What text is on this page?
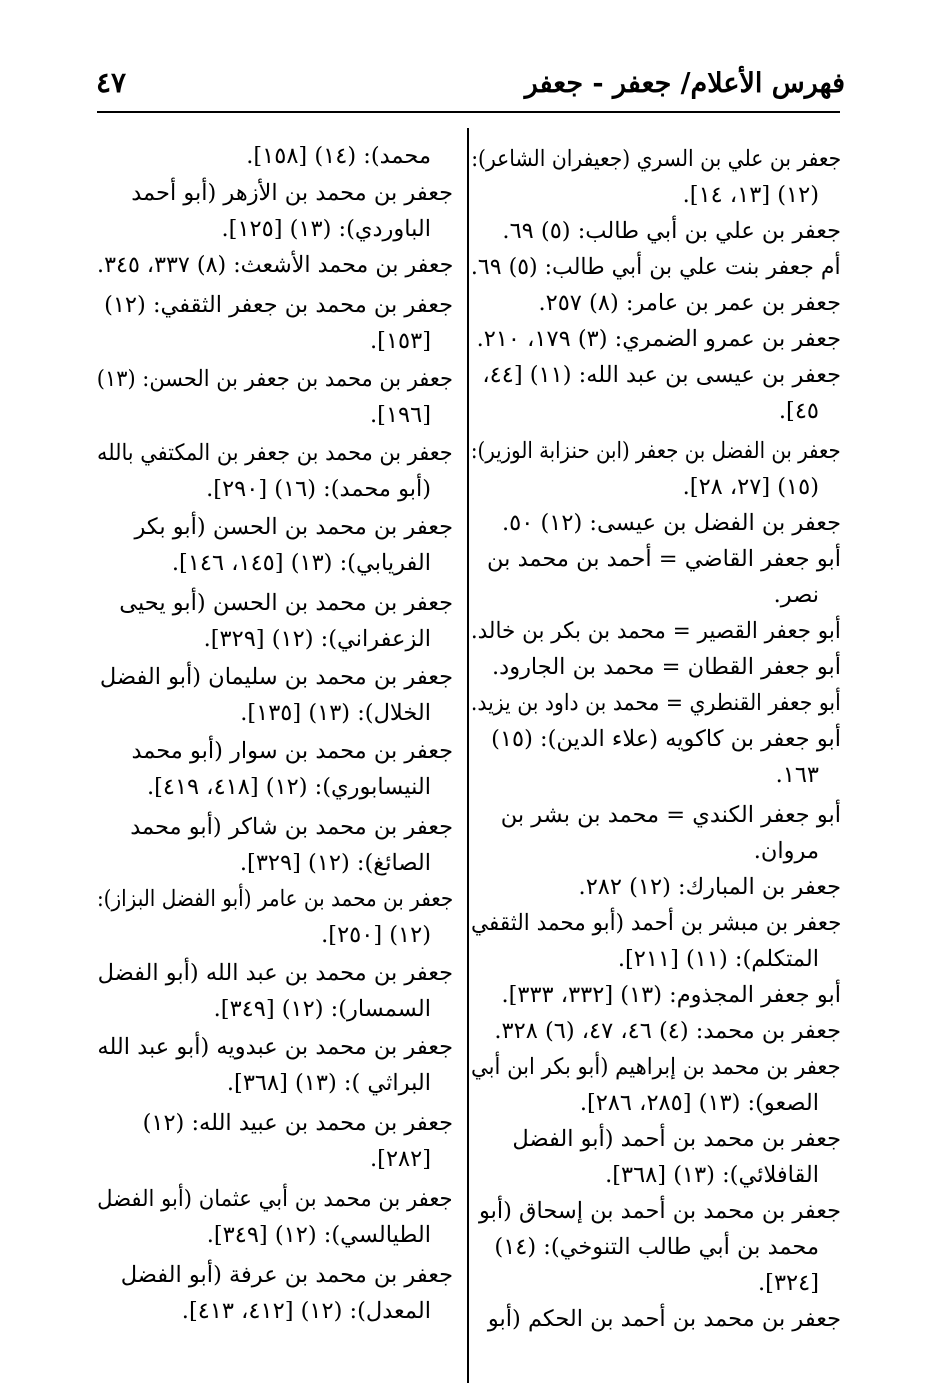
فهرس الأعلام/ جعفر - جعفر
٤٧
جعفر بن علي بن السري (جعيفران الشاعر):
(١٢) [١٣، ١٤].
جعفر بن علي بن أبي طالب: (٥) ٦٩.
أم جعفر بنت علي بن أبي طالب: (٥) ٦٩.
جعفر بن عمر بن عامر: (٨) ٢٥٧.
جعفر بن عمرو الضمري: (٣) ١٧٩، ٢١٠.
جعفر بن عيسى بن عبد الله: (١١) [٤٤،
٤٥].
جعفر بن الفضل بن جعفر (ابن حنزابة الوزير):
(١٥) [٢٧، ٢٨].
جعفر بن الفضل بن عيسى: (١٢) ٥٠.
أبو جعفر القاضي = أحمد بن محمد بن
نصر.
أبو جعفر القصير = محمد بن بكر بن خالد.
أبو جعفر القطان = محمد بن الجارود.
أبو جعفر القنطري = محمد بن داود بن يزيد.
أبو جعفر بن كاكويه (علاء الدين): (١٥)
١٦٣.
أبو جعفر الكندي = محمد بن بشر بن
مروان.
جعفر بن المبارك: (١٢) ٢٨٢.
جعفر بن مبشر بن أحمد (أبو محمد الثقفي
المتكلم): (١١) [٢١١].
أبو جعفر المجذوم: (١٣) [٣٣٢، ٣٣٣].
جعفر بن محمد: (٤) ٤٦، ٤٧، (٦) ٣٢٨.
جعفر بن محمد بن إبراهيم (أبو بكر ابن أبي
الصعو): (١٣) [٢٨٥، ٢٨٦].
جعفر بن محمد بن أحمد (أبو الفضل
القافلائي): (١٣) [٣٦٨].
جعفر بن محمد بن أحمد بن إسحاق (أبو
محمد بن أبي طالب التنوخي): (١٤)
[٣٢٤].
جعفر بن محمد بن أحمد بن الحكم (أبو
محمد): (١٤) [١٥٨].
جعفر بن محمد بن الأزهر (أبو أحمد
الباوردي): (١٣) [١٢٥].
جعفر بن محمد الأشعث: (٨) ٣٣٧، ٣٤٥.
جعفر بن محمد بن جعفر الثقفي: (١٢)
[١٥٣].
جعفر بن محمد بن جعفر بن الحسن: (١٣)
[١٩٦].
جعفر بن محمد بن جعفر بن المكتفي بالله
(أبو محمد): (١٦) [٢٩٠].
جعفر بن محمد بن الحسن (أبو بكر
الفريابي): (١٣) [١٤٥، ١٤٦].
جعفر بن محمد بن الحسن (أبو يحيى
الزعفراني): (١٢) [٣٢٩].
جعفر بن محمد بن سليمان (أبو الفضل
الخلال): (١٣) [١٣٥].
جعفر بن محمد بن سوار (أبو محمد
النيسابوري): (١٢) [٤١٨، ٤١٩].
جعفر بن محمد بن شاكر (أبو محمد
الصائغ): (١٢) [٣٢٩].
جعفر بن محمد بن عامر (أبو الفضل البزاز):
(١٢) [٢٥٠].
جعفر بن محمد بن عبد الله (أبو الفضل
السمسار): (١٢) [٣٤٩].
جعفر بن محمد بن عبدويه (أبو عبد الله
البراثي ): (١٣) [٣٦٨].
جعفر بن محمد بن عبيد الله: (١٢)
[٢٨٢].
جعفر بن محمد بن أبي عثمان (أبو الفضل
الطيالسي): (١٢) [٣٤٩].
جعفر بن محمد بن عرفة (أبو الفضل
المعدل): (١٢) [٤١٢، ٤١٣].
